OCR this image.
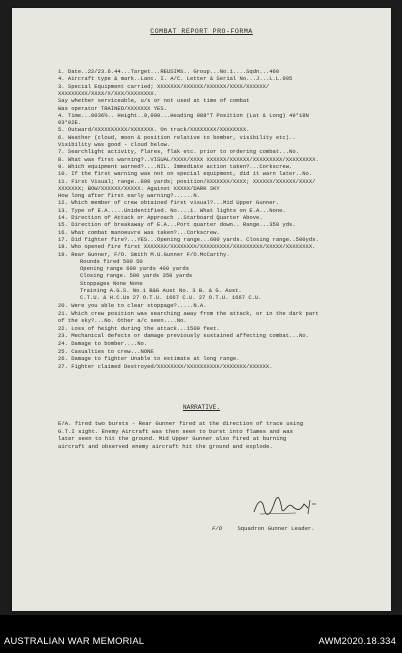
COMBAT REPORT PRO-FORMA
1. Date..22/23.6.44...Target...REUSIMS.. Group...No.1....Sqdn...460
4. Aircraft type & mark..Lanc. I. A/C. Letter & Serial No...J...L.L.905
3. Special Equipment carried; XXXXXXX/XXXXXX/XXXXXX/XXXX/XXXXXX/
XXXXXXXXX/XXXX/X/XXX/XXXXXXXX.
Say whether serviceable, u/s or not used at time of combat
Was operator TRAINED/XXXXXXX YES.
4. Time...0036½.. Height..9,000...Heading 088°T Position (Lat & Long) 49°18N
03°02E.
5. Outward/XXXXXXXXXX/XXXXXXX. On track/XXXXXXXX/XXXXXXXX.
6. Weather (cloud, moon & position relative to bomber, visibility etc)..
Visibility was good - cloud below.
7. Searchlight activity, flares, flak etc. prior to ordering combat...No.
8. What was first warning?..VISUAL/XXXX/XXXX XXXXXX/XXXXXX/XXXXXXXXX/XXXXXXXXX.
9. Which equipment warned?....NIL. Immediate action taken?...Corkscrew.
10. If the first warning was not on special equipment, did it warn later..No.
11. First Visual; range..800 yards; position/XXXXXXX/XXXX; XXXXXX/XXXXXX/XXXX/
XXXXXXX; BOW/XXXXXX/XXXXX. Against XXXXX/DARK SKY
How long after first early warning?......N.
12. Which member of crew obtained first visual?...Mid Upper Gunner.
13. Type of E.A.....Unidentified. No....1. What lights on E.A...None.
14. Direction of Attack or Approach ..Starboard Quarter Above.
15. Direction of breakaway of E.A...Port quarter down.. Range...350 yds.
16. What combat manoeuvre was taken?...Corkscrew.
17. Did fighter fire?...YES...Opening range...600 yards. Closing range..500yds.
18. Who opened fire first XXXXXXX/XXXXXXXX/XXXXXXXXX/XXXXXXXXX/XXXXX/XXXXXXXX.
19. Rear Gunner, F/O. Smith M.U.Gunner F/O.McCarthy.
Rounds fired 500 50
Opening range 600 yards 400 yards
Closing range. 500 yards 350 yards
Stoppages None None
Training A.G.S. No.1 B&G Aust No. 3 B. & G. Aust.
C.T.U. & H.C.Us 27 O.T.U. 1667 C.U. 27 O.T.U. 1667 C.U.
20. Were you able to clear stoppage?.....N.A.
21. Which crew position was searching away from the attack, or in the dark part
of the sky?...No. Other a/c seen....No.
22. Loss of height during the attack...1500 feet.
23. Mechanical defects or damage previously sustained affecting combat...No.
24. Damage to bomber....No.
25. Casualties to crew...NONE
26. Damage to fighter Unable to estimate at long range.
27. Fighter claimed Destroyed/XXXXXXXX/XXXXXXXXXX/XXXXXXX/XXXXXX.
NARRATIVE.
E/A. fired two bursts - Rear Gunner fired at the direction of trace using
G.T.I sight. Enemy Aircraft was then seen to burst into flames and was
later seen to hit the ground. Mid Upper Gunner also fired at burning
aircraft and observed enemy aircraft hit the ground and explode.
F/O	Squadron Gunner Leader.
AUSTRALIAN WAR MEMORIAL	AWM2020.18.334
